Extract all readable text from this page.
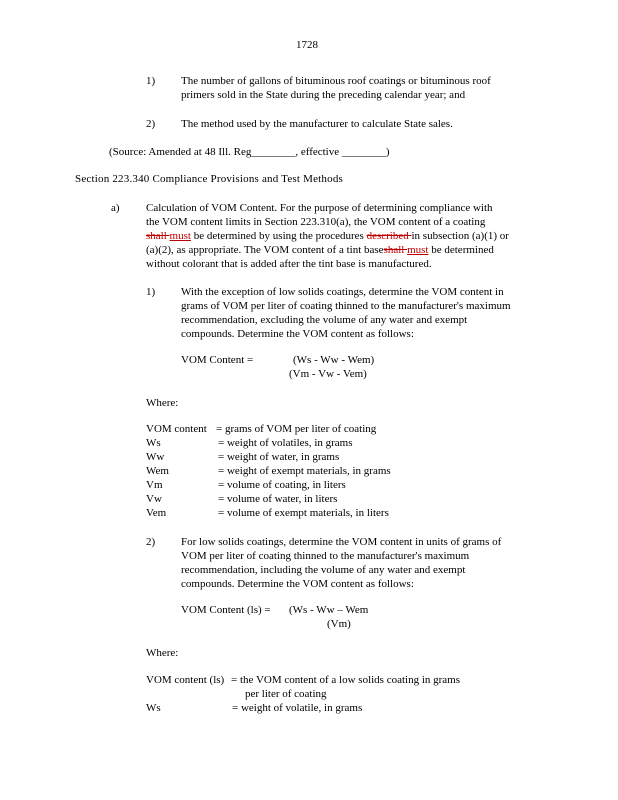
1728
1) The number of gallons of bituminous roof coatings or bituminous roof
primers sold in the State during the preceding calendar year; and
2) The method used by the manufacturer to calculate State sales.
(Source: Amended at 48 Ill. Reg________, effective ________)
Section 223.340 Compliance Provisions and Test Methods
a) Calculation of VOM Content. For the purpose of determining compliance with
the VOM content limits in Section 223.310(a), the VOM content of a coating
shall must be determined by using the procedures described in subsection (a)(1) or
(a)(2), as appropriate. The VOM content of a tint baseshall must be determined
without colorant that is added after the tint base is manufactured.
1) With the exception of low solids coatings, determine the VOM content in
grams of VOM per liter of coating thinned to the manufacturer's maximum
recommendation, excluding the volume of any water and exempt
compounds. Determine the VOM content as follows:
VOM Content =	(Ws - Ww - Wem)
(Vm - Vw - Vem)
Where:
VOM content = grams of VOM per liter of coating
Ws	= weight of volatiles, in grams
Ww	= weight of water, in grams
Wem	= weight of exempt materials, in grams
Vm	= volume of coating, in liters
Vw	= volume of water, in liters
Vem	= volume of exempt materials, in liters
2) For low solids coatings, determine the VOM content in units of grams of
VOM per liter of coating thinned to the manufacturer's maximum
recommendation, including the volume of any water and exempt
compounds. Determine the VOM content as follows:
VOM Content (ls) = (Ws - Ww – Wem
(Vm)
Where:
VOM content (ls) = the VOM content of a low solids coating in grams
per liter of coating
Ws	= weight of volatile, in grams
